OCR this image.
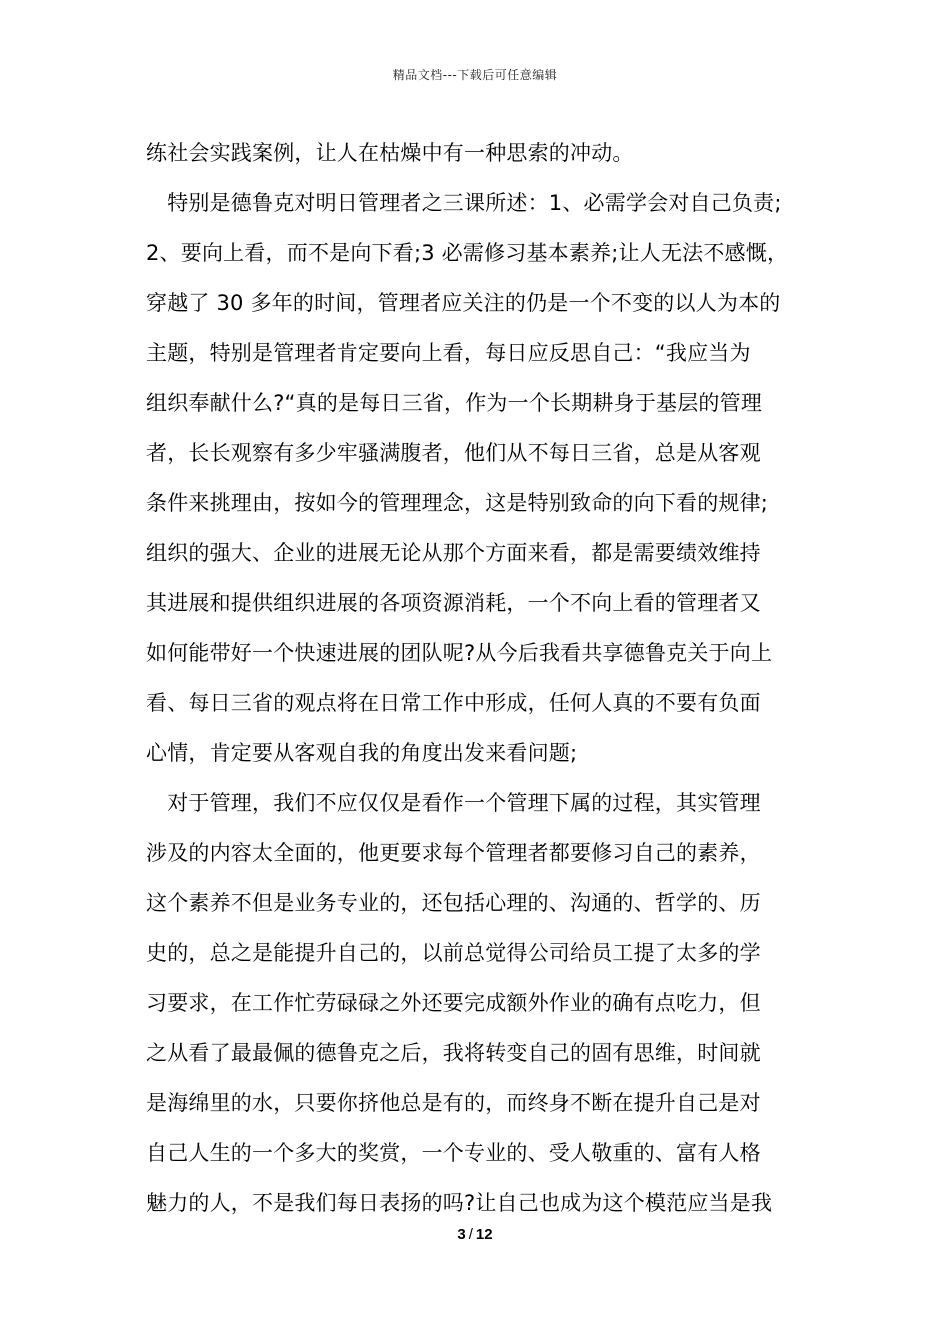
精品文档---下载后可任意编辑

练社会实践案例，让人在枯燥中有一种思索的冲动。

　特别是德鲁克对明日管理者之三课所述：1、必需学会对自己负责;
2、要向上看，而不是向下看;3 必需修习基本素养;让人无法不感慨，
穿越了 30 多年的时间，管理者应关注的仍是一个不变的以人为本的
主题，特别是管理者肯定要向上看，每日应反思自己：“我应当为
组织奉献什么?“真的是每日三省，作为一个长期耕身于基层的管理
者，长长观察有多少牢骚满腹者，他们从不每日三省，总是从客观
条件来挑理由，按如今的管理理念，这是特别致命的向下看的规律;
组织的强大、企业的进展无论从那个方面来看，都是需要绩效维持
其进展和提供组织进展的各项资源消耗，一个不向上看的管理者又
如何能带好一个快速进展的团队呢?从今后我看共享德鲁克关于向上
看、每日三省的观点将在日常工作中形成，任何人真的不要有负面
心情，肯定要从客观自我的角度出发来看问题;

　对于管理，我们不应仅仅是看作一个管理下属的过程，其实管理
涉及的内容太全面的，他更要求每个管理者都要修习自己的素养，
这个素养不但是业务专业的，还包括心理的、沟通的、哲学的、历
史的，总之是能提升自己的，以前总觉得公司给员工提了太多的学
习要求，在工作忙劳碌碌之外还要完成额外作业的确有点吃力，但
之从看了最最佩的德鲁克之后，我将转变自己的固有思维，时间就
是海绵里的水，只要你挤他总是有的，而终身不断在提升自己是对
自己人生的一个多大的奖赏，一个专业的、受人敬重的、富有人格
魅力的人，不是我们每日表扬的吗?让自己也成为这个模范应当是我

3 / 12
